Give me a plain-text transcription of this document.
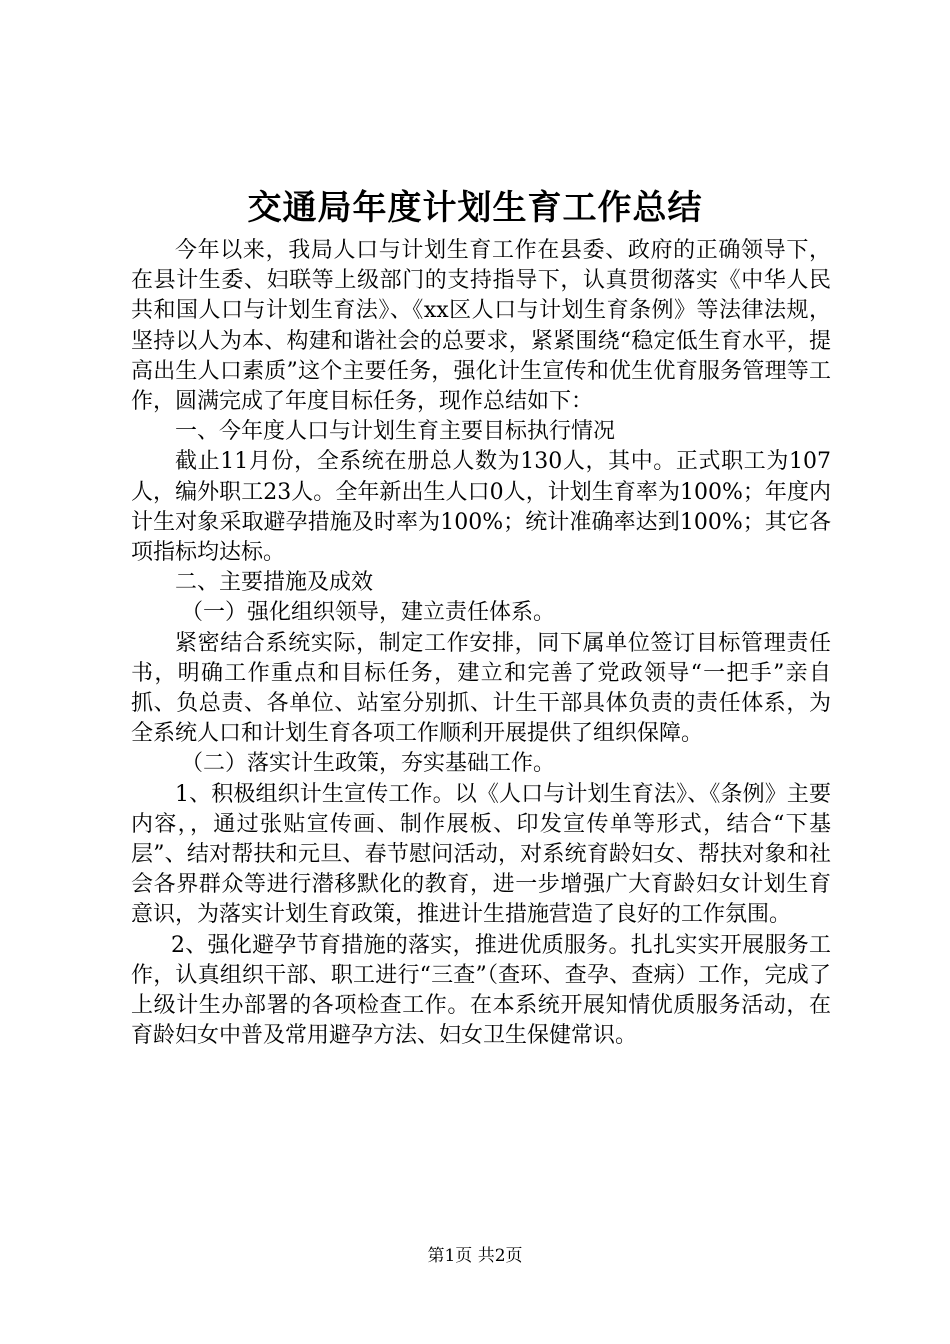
交通局年度计划生育工作总结

今年以来，我局人口与计划生育工作在县委、政府的正确领导下，在县计生委、妇联等上级部门的支持指导下，认真贯彻落实《中华人民共和国人口与计划生育法》、《xx区人口与计划生育条例》等法律法规，坚持以人为本、构建和谐社会的总要求，紧紧围绕“稳定低生育水平，提高出生人口素质”这个主要任务，强化计生宣传和优生优育服务管理等工作，圆满完成了年度目标任务，现作总结如下：

一、今年度人口与计划生育主要目标执行情况

截止11月份，全系统在册总人数为130人，其中。正式职工为107人，编外职工23人。全年新出生人口0人，计划生育率为100%；年度内计生对象采取避孕措施及时率为100%；统计准确率达到100%；其它各项指标均达标。

二、主要措施及成效

（一）强化组织领导，建立责任体系。

紧密结合系统实际，制定工作安排，同下属单位签订目标管理责任书，明确工作重点和目标任务，建立和完善了党政领导“一把手”亲自抓、负总责、各单位、站室分别抓、计生干部具体负责的责任体系，为全系统人口和计划生育各项工作顺利开展提供了组织保障。

（二）落实计生政策，夯实基础工作。

1、积极组织计生宣传工作。以《人口与计划生育法》、《条例》主要内容，，通过张贴宣传画、制作展板、印发宣传单等形式，结合“下基层”、结对帮扶和元旦、春节慰问活动，对系统育龄妇女、帮扶对象和社会各界群众等进行潜移默化的教育，进一步增强广大育龄妇女计划生育意识，为落实计划生育政策，推进计生措施营造了良好的工作氛围。

2、强化避孕节育措施的落实，推进优质服务。扎扎实实开展服务工作，认真组织干部、职工进行“三查”（查环、查孕、查病）工作，完成了上级计生办部署的各项检查工作。在本系统开展知情优质服务活动，在育龄妇女中普及常用避孕方法、妇女卫生保健常识。

第1页 共2页
